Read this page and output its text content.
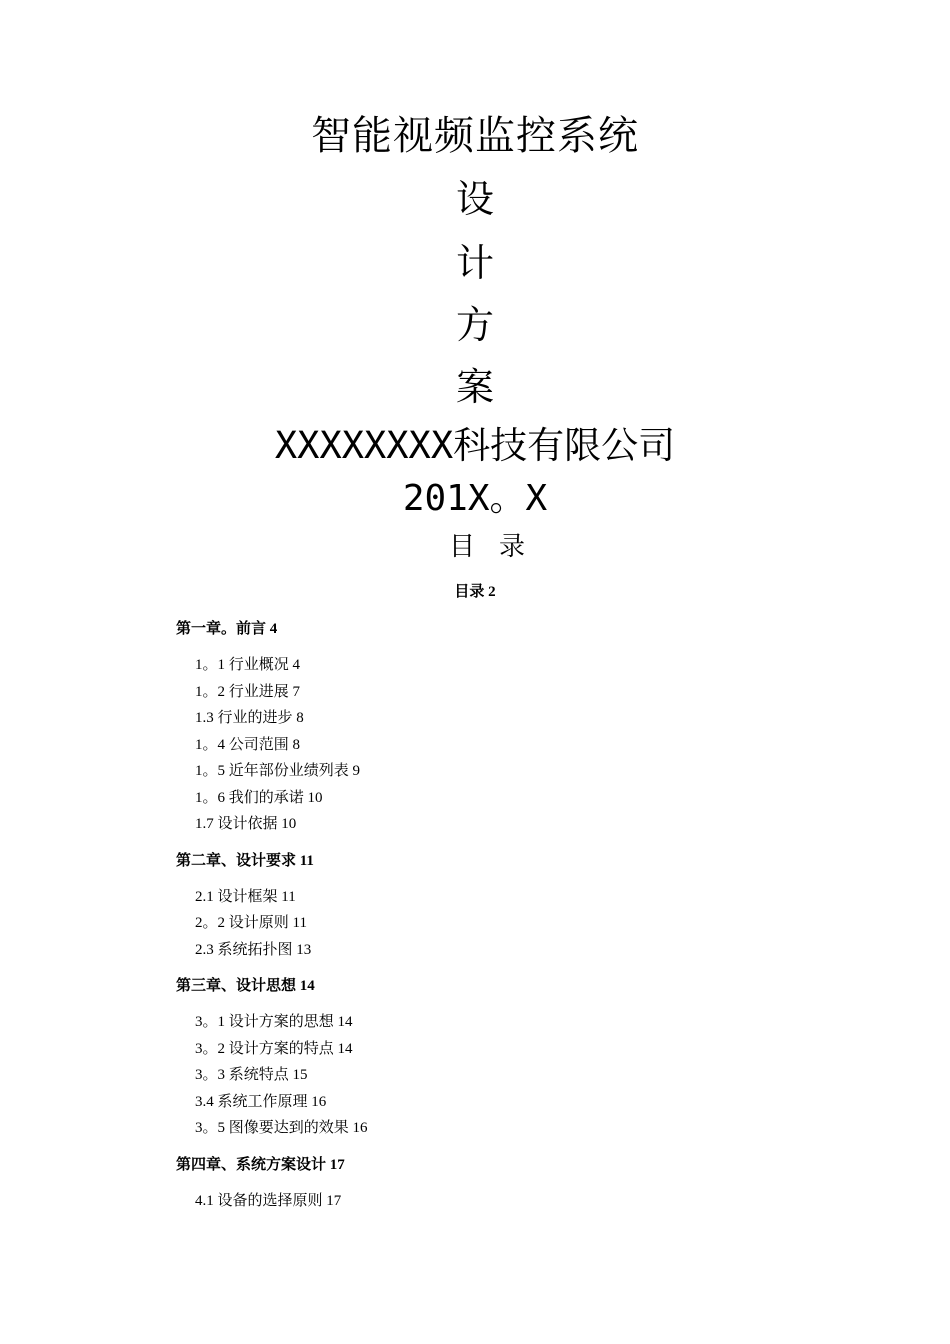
智能视频监控系统
设
计
方
案
XXXXXXXX科技有限公司
201X。X
目录
目录 2
第一章。前言 4
1。1 行业概况 4
1。2 行业进展 7
1.3 行业的进步 8
1。4 公司范围 8
1。5 近年部份业绩列表 9
1。6 我们的承诺 10
1.7 设计依据 10
第二章、设计要求 11
2.1 设计框架 11
2。2 设计原则 11
2.3 系统拓扑图 13
第三章、设计思想 14
3。1 设计方案的思想 14
3。2 设计方案的特点 14
3。3 系统特点 15
3.4 系统工作原理 16
3。5 图像要达到的效果 16
第四章、系统方案设计 17
4.1 设备的选择原则 17
